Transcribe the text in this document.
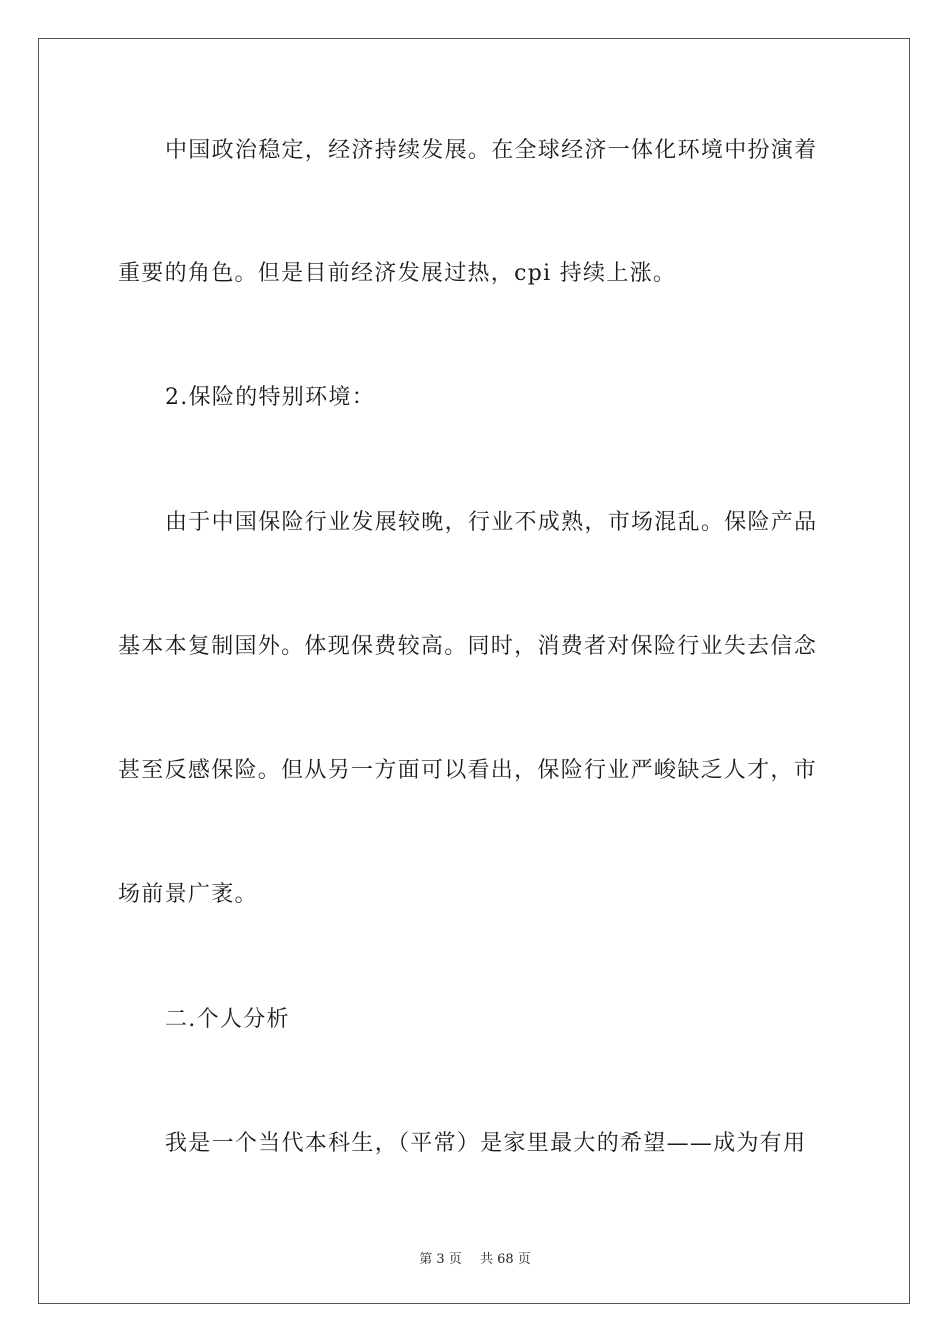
中国政治稳定，经济持续发展。在全球经济一体化环境中扮演着
重要的角色。但是目前经济发展过热，cpi 持续上涨。
2.保险的特别环境：
由于中国保险行业发展较晚，行业不成熟，市场混乱。保险产品
基本本复制国外。体现保费较高。同时，消费者对保险行业失去信念
甚至反感保险。但从另一方面可以看出，保险行业严峻缺乏人才，市
场前景广袤。
二.个人分析
我是一个当代本科生，（平常）是家里最大的希望——成为有用
第 3 页 共 68 页
